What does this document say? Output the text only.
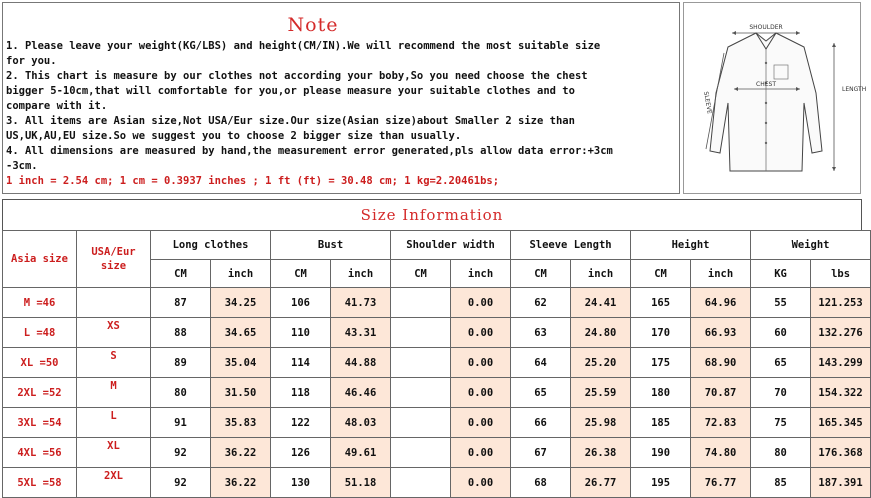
Note
1. Please leave your weight(KG/LBS) and height(CM/IN).We will recommend the most suitable size
for you.
2. This chart is measure by our clothes not according your boby,So you need choose the chest
bigger 5-10cm,that will comfortable for you,or please measure your suitable clothes and to
compare with it.
3. All items are Asian size,Not USA/Eur size.Our size(Asian size)about Smaller 2 size than
US,UK,AU,EU size.So we suggest you to choose 2 bigger size than usually.
4. All dimensions are measured by hand,the measurement error generated,pls allow data error:+3cm
-3cm.
1 inch = 2.54 cm; 1 cm = 0.3937 inches ; 1 ft (ft) = 30.48 cm; 1 kg=2.20461bs;
SHOULDER
CHEST
LENGTH
SLEEVE
Size Information
Asia size	USA/Eur size	Long clothes		Bust		Shoulder width		Sleeve Length		Height		Weight	
		CM	inch	CM	inch	CM	inch	CM	inch	CM	inch	KG	lbs
M =46		87	34.25	106	41.73		0.00	62	24.41	165	64.96	55	121.253
L =48	XS	88	34.65	110	43.31		0.00	63	24.80	170	66.93	60	132.276
XL =50	S	89	35.04	114	44.88		0.00	64	25.20	175	68.90	65	143.299
2XL =52	M	80	31.50	118	46.46		0.00	65	25.59	180	70.87	70	154.322
3XL =54	L	91	35.83	122	48.03		0.00	66	25.98	185	72.83	75	165.345
4XL =56	XL	92	36.22	126	49.61		0.00	67	26.38	190	74.80	80	176.368
5XL =58	2XL	92	36.22	130	51.18		0.00	68	26.77	195	76.77	85	187.391
